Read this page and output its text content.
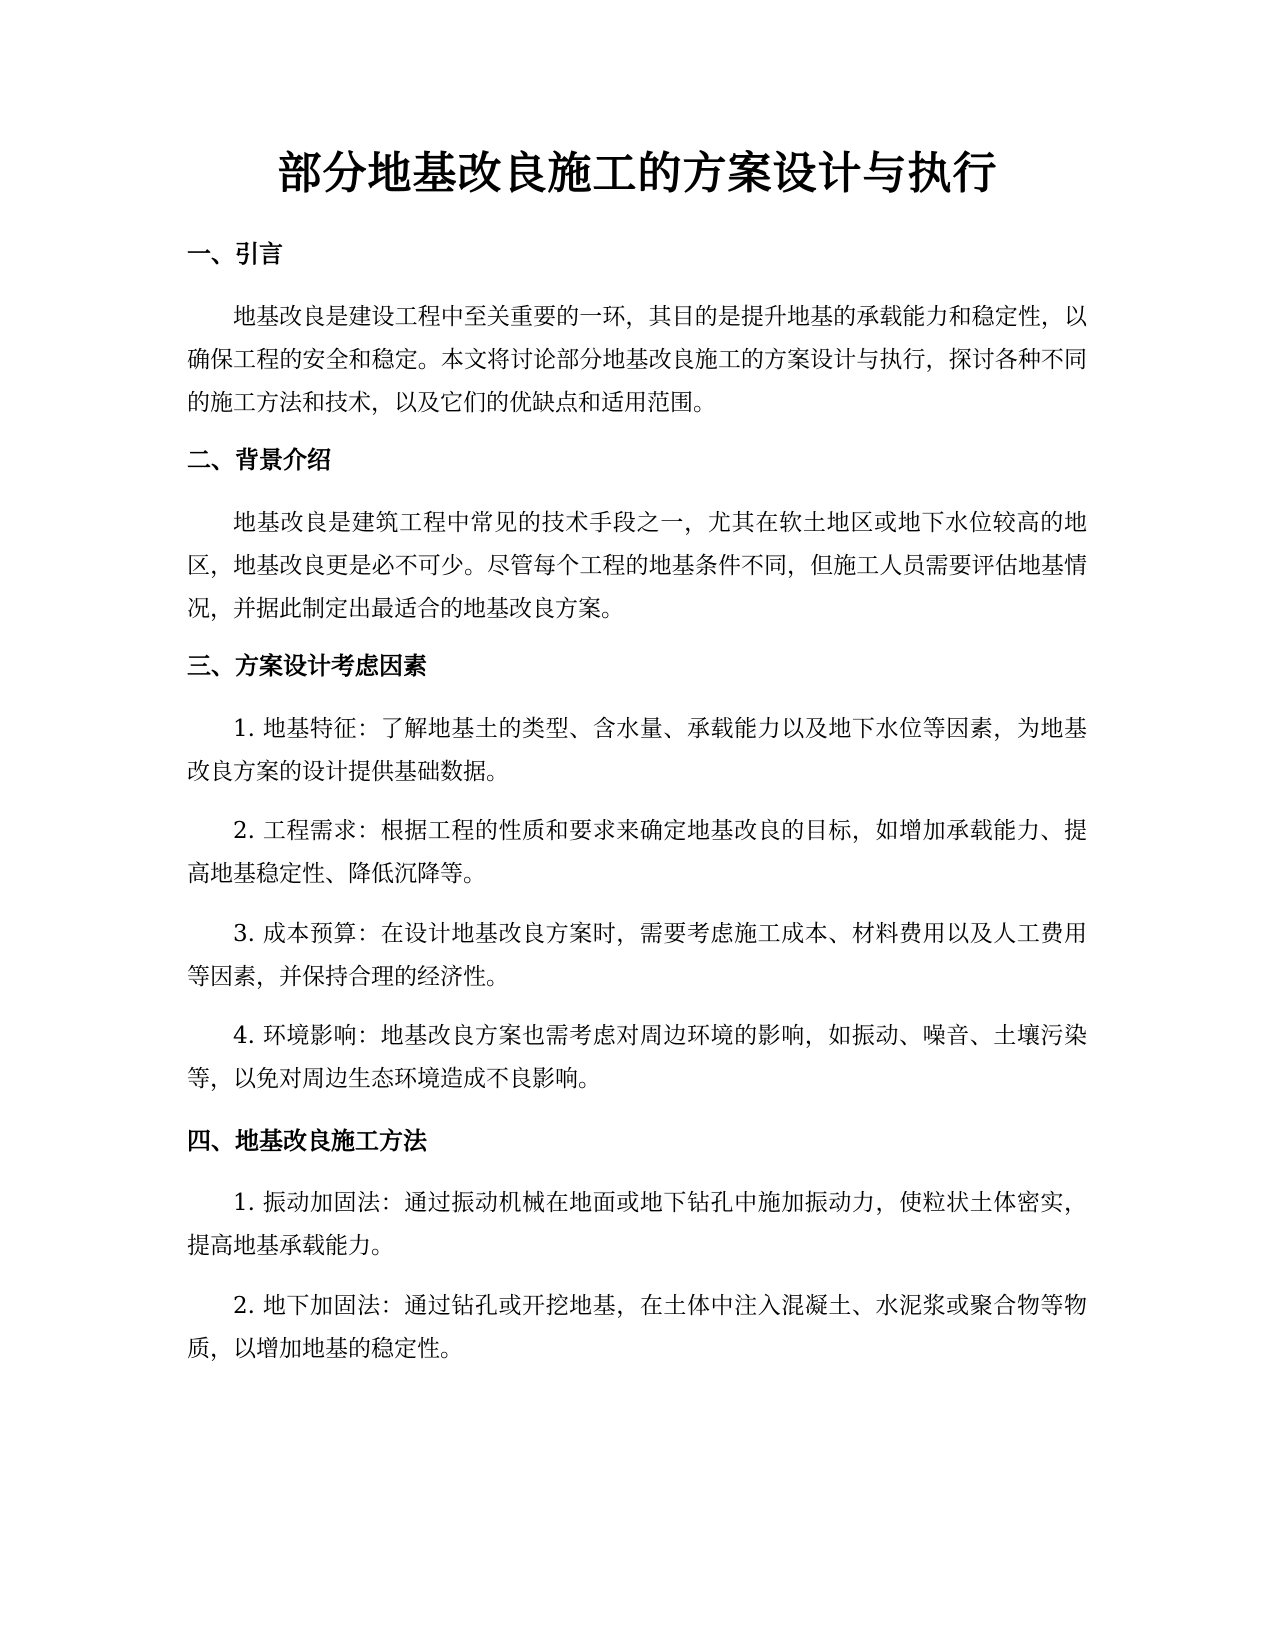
部分地基改良施工的方案设计与执行
一、引言

地基改良是建设工程中至关重要的一环，其目的是提升地基的承载能力和稳定性，以确保工程的安全和稳定。本文将讨论部分地基改良施工的方案设计与执行，探讨各种不同的施工方法和技术，以及它们的优缺点和适用范围。

二、背景介绍

地基改良是建筑工程中常见的技术手段之一，尤其在软土地区或地下水位较高的地区，地基改良更是必不可少。尽管每个工程的地基条件不同，但施工人员需要评估地基情况，并据此制定出最适合的地基改良方案。

三、方案设计考虑因素

1. 地基特征：了解地基土的类型、含水量、承载能力以及地下水位等因素，为地基改良方案的设计提供基础数据。

2. 工程需求：根据工程的性质和要求来确定地基改良的目标，如增加承载能力、提高地基稳定性、降低沉降等。

3. 成本预算：在设计地基改良方案时，需要考虑施工成本、材料费用以及人工费用等因素，并保持合理的经济性。

4. 环境影响：地基改良方案也需考虑对周边环境的影响，如振动、噪音、土壤污染等，以免对周边生态环境造成不良影响。

四、地基改良施工方法

1. 振动加固法：通过振动机械在地面或地下钻孔中施加振动力，使粒状土体密实，提高地基承载能力。

2. 地下加固法：通过钻孔或开挖地基，在土体中注入混凝土、水泥浆或聚合物等物质，以增加地基的稳定性。
